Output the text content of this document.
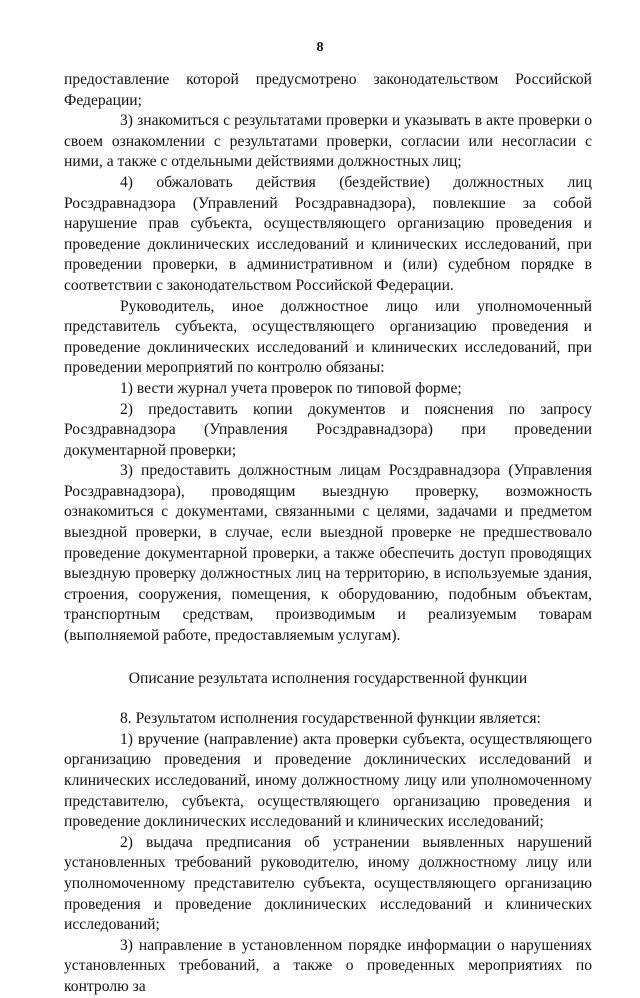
8

предоставление которой предусмотрено законодательством Российской Федерации;

3) знакомиться с результатами проверки и указывать в акте проверки о своем ознакомлении с результатами проверки, согласии или несогласии с ними, а также с отдельными действиями должностных лиц;

4) обжаловать действия (бездействие) должностных лиц Росздравнадзора (Управлений Росздравнадзора), повлекшие за собой нарушение прав субъекта, осуществляющего организацию проведения и проведение доклинических исследований и клинических исследований, при проведении проверки, в административном и (или) судебном порядке в соответствии с законодательством Российской Федерации.

Руководитель, иное должностное лицо или уполномоченный представитель субъекта, осуществляющего организацию проведения и проведение доклинических исследований и клинических исследований, при проведении мероприятий по контролю обязаны:

1) вести журнал учета проверок по типовой форме;

2) предоставить копии документов и пояснения по запросу Росздравнадзора (Управления Росздравнадзора) при проведении документарной проверки;

3) предоставить должностным лицам Росздравнадзора (Управления Росздравнадзора), проводящим выездную проверку, возможность ознакомиться с документами, связанными с целями, задачами и предметом выездной проверки, в случае, если выездной проверке не предшествовало проведение документарной проверки, а также обеспечить доступ проводящих выездную проверку должностных лиц на территорию, в используемые здания, строения, сооружения, помещения, к оборудованию, подобным объектам, транспортным средствам, производимым и реализуемым товарам (выполняемой работе, предоставляемым услугам).

Описание результата исполнения государственной функции

8. Результатом исполнения государственной функции является:

1) вручение (направление) акта проверки субъекта, осуществляющего организацию проведения и проведение доклинических исследований и клинических исследований, иному должностному лицу или уполномоченному представителю, субъекта, осуществляющего организацию проведения и проведение доклинических исследований и клинических исследований;

2) выдача предписания об устранении выявленных нарушений установленных требований руководителю, иному должностному лицу или уполномоченному представителю субъекта, осуществляющего организацию проведения и проведение доклинических исследований и клинических исследований;

3) направление в установленном порядке информации о нарушениях установленных требований, а также о проведенных мероприятиях по контролю за
